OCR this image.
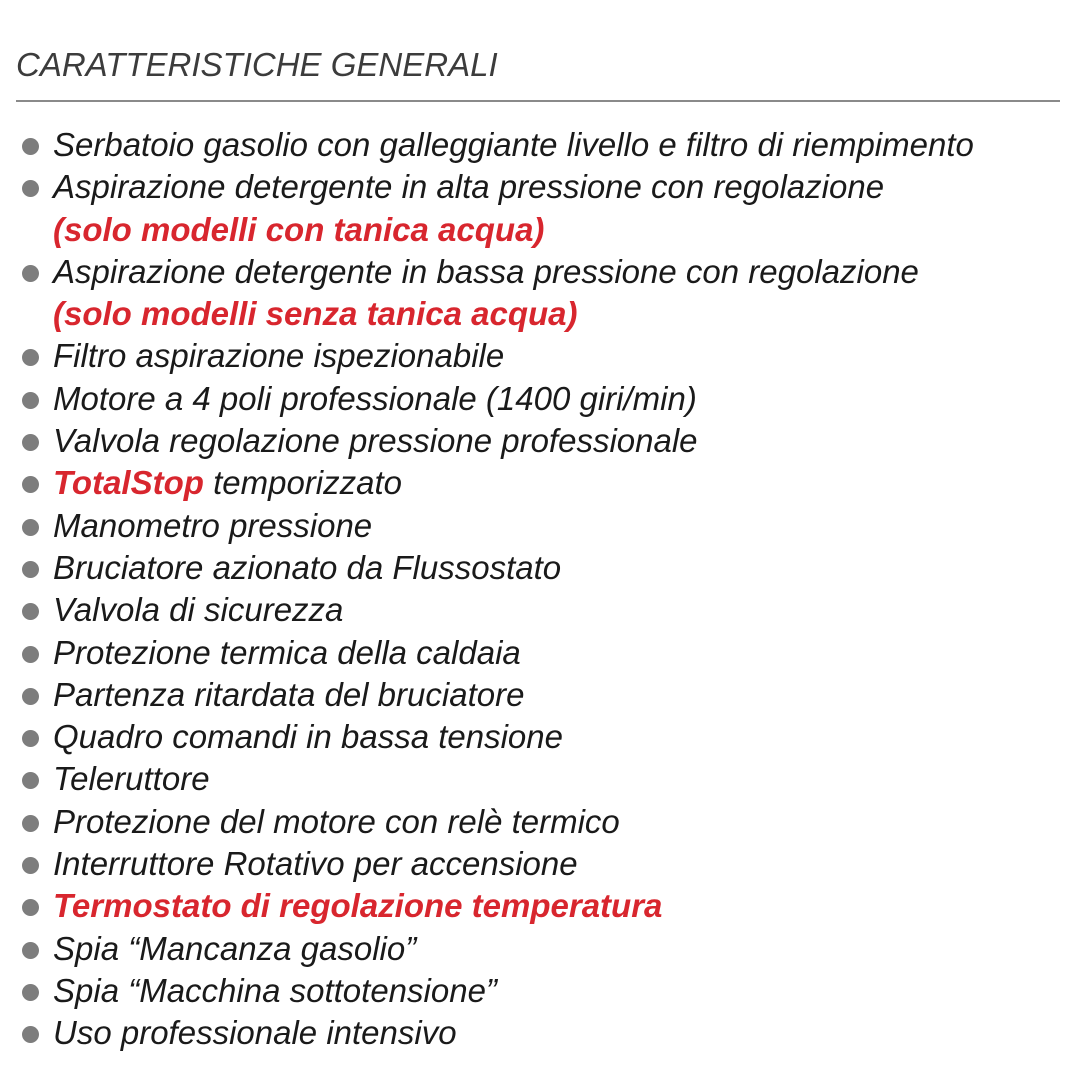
CARATTERISTICHE GENERALI
Serbatoio gasolio con galleggiante livello e filtro di riempimento
Aspirazione detergente in alta pressione con regolazione
(solo modelli con tanica acqua)
Aspirazione detergente in bassa pressione con regolazione
(solo modelli senza tanica acqua)
Filtro aspirazione ispezionabile
Motore a 4 poli professionale (1400 giri/min)
Valvola regolazione pressione professionale
TotalStop temporizzato
Manometro pressione
Bruciatore azionato da Flussostato
Valvola di sicurezza
Protezione termica della caldaia
Partenza ritardata del bruciatore
Quadro comandi in bassa tensione
Teleruttore
Protezione del motore con relè termico
Interruttore Rotativo per accensione
Termostato di regolazione temperatura
Spia “Mancanza gasolio”
Spia “Macchina sottotensione”
Uso professionale intensivo
